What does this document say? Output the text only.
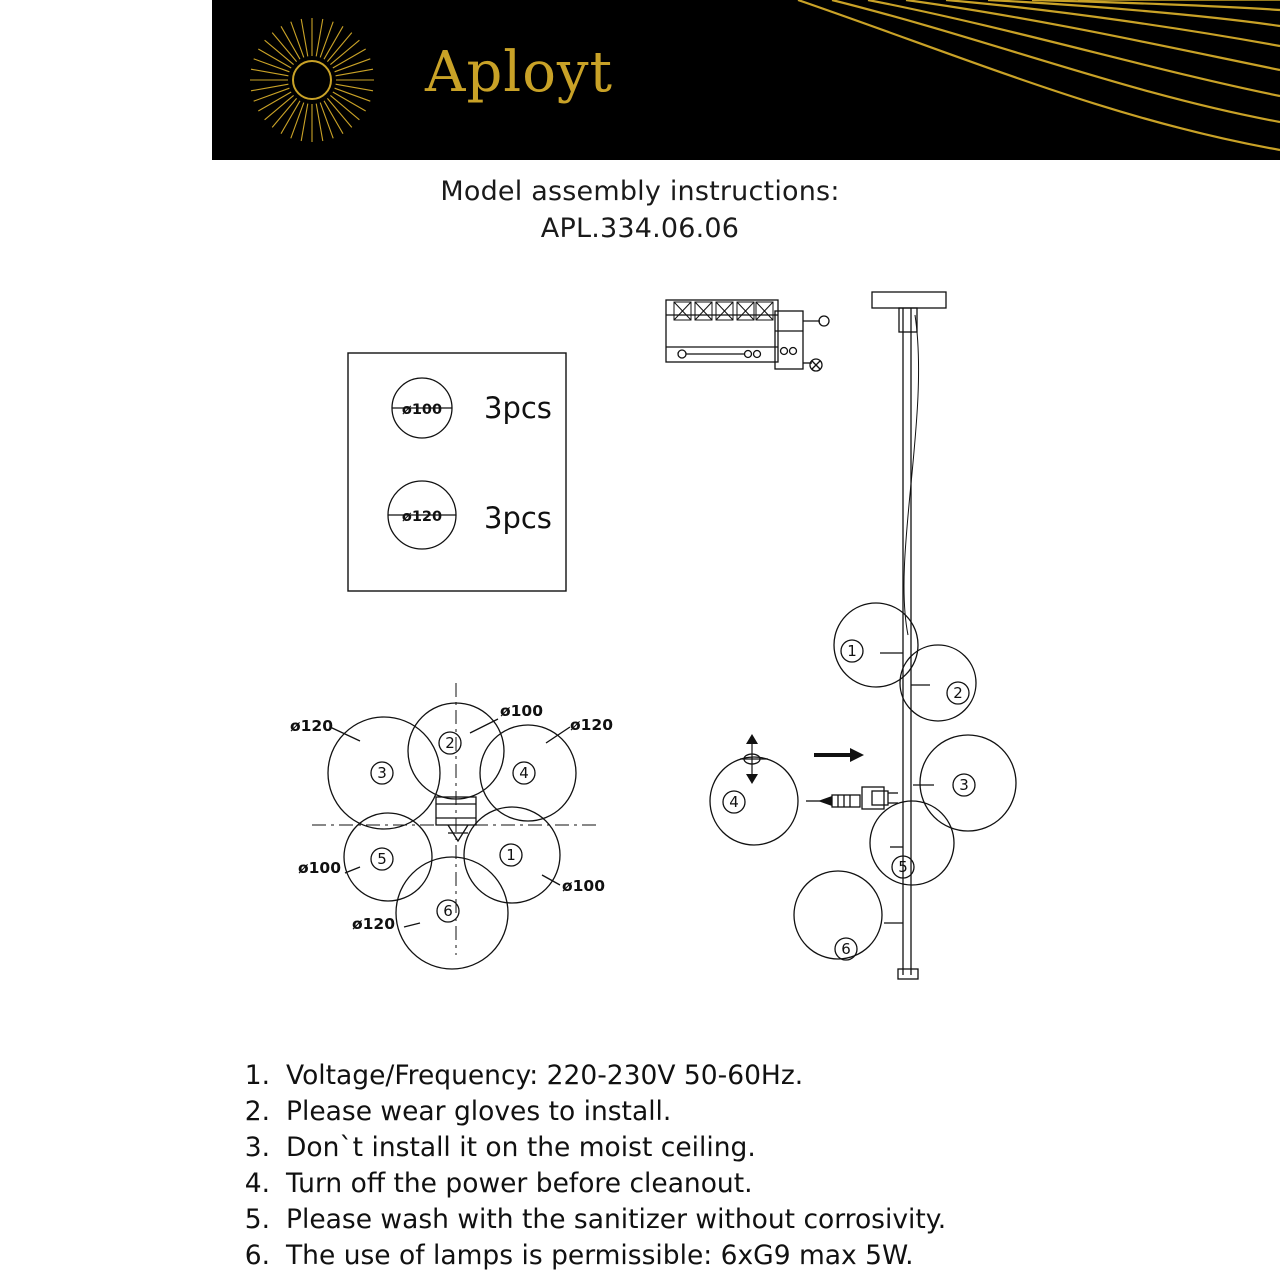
Aployt
Model assembly instructions:
APL.334.06.06
2
3	4
5	1
6
1
2
3
4
5
6
ø100 3pcs
ø120 3pcs
ø120
ø100
ø120
ø100
ø100
ø120
1. Voltage/Frequency: 220-230V 50-60Hz.
2. Please wear gloves to install.
3. Don`t install it on the moist ceiling.
4. Turn off the power before cleanout.
5. Please wash with the sanitizer without corrosivity.
6. The use of lamps is permissible: 6xG9 max 5W.
